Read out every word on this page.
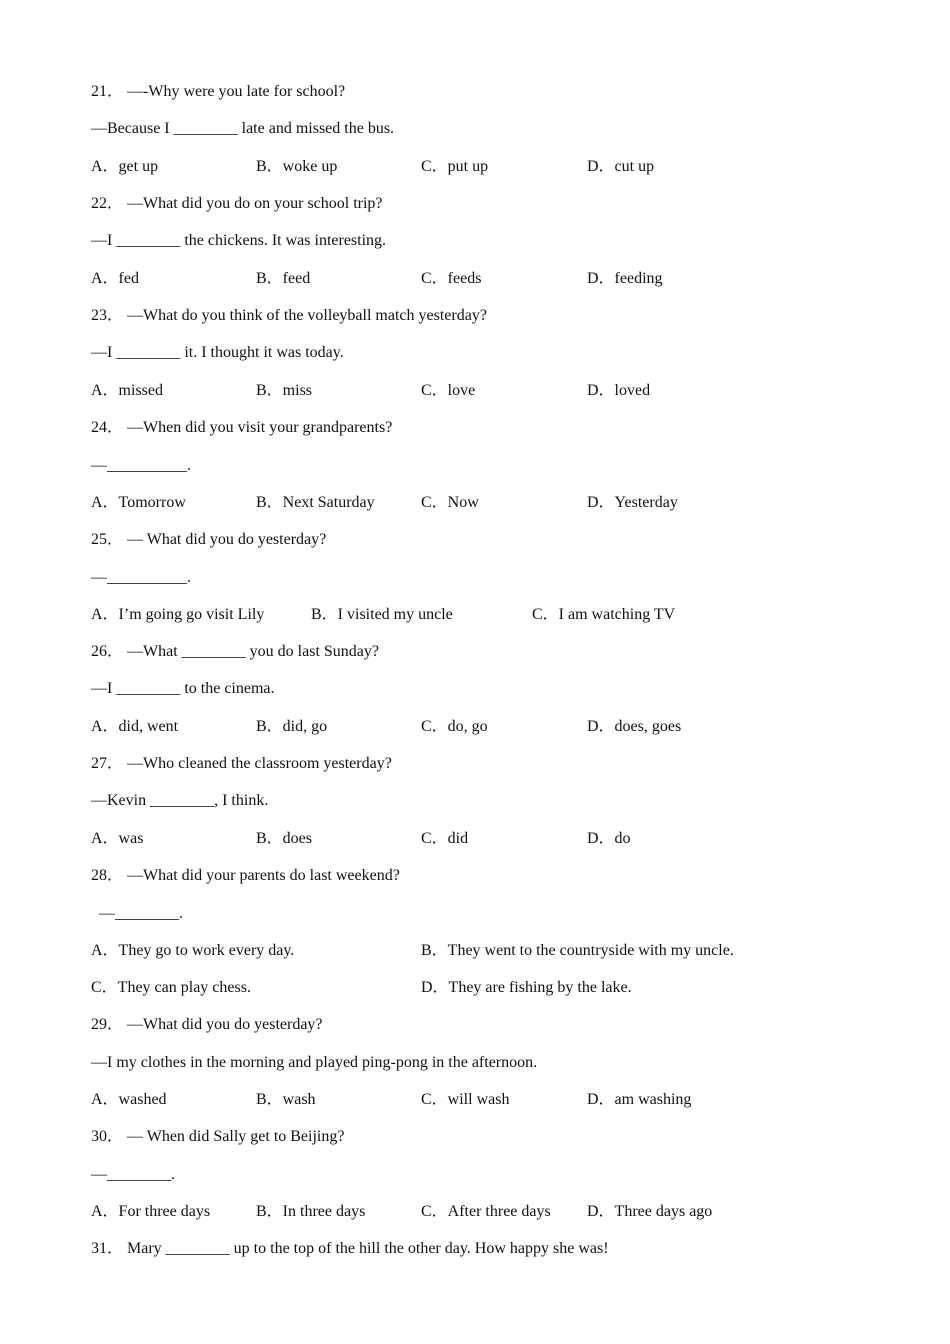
21． —-Why were you late for school?
—Because I ________ late and missed the bus.
A．get up	B．woke up	C．put up	D．cut up
22． —What did you do on your school trip?
—I ________ the chickens. It was interesting.
A．fed	B．feed	C．feeds	D．feeding
23． —What do you think of the volleyball match yesterday?
—I ________ it. I thought it was today.
A．missed	B．miss	C．love	D．loved
24． —When did you visit your grandparents?
—__________.
A．Tomorrow	B．Next Saturday	C．Now	D．Yesterday
25． — What did you do yesterday?
—__________.
A．I’m going go visit Lily	B．I visited my uncle	C．I am watching TV
26． —What ________ you do last Sunday?
—I ________ to the cinema.
A．did, went	B．did, go	C．do, go	D．does, goes
27． —Who cleaned the classroom yesterday?
—Kevin ________, I think.
A．was	B．does	C．did	D．do
28． —What did your parents do last weekend?
—________.
A．They go to work every day.	B．They went to the countryside with my uncle.
C．They can play chess.	D．They are fishing by the lake.
29． —What did you do yesterday?
—I my clothes in the morning and played ping-pong in the afternoon.
A．washed	B．wash	C．will wash	D．am washing
30． — When did Sally get to Beijing?
—________.
A．For three days	B．In three days	C．After three days D．Three days ago
31． Mary ________ up to the top of the hill the other day. How happy she was!
